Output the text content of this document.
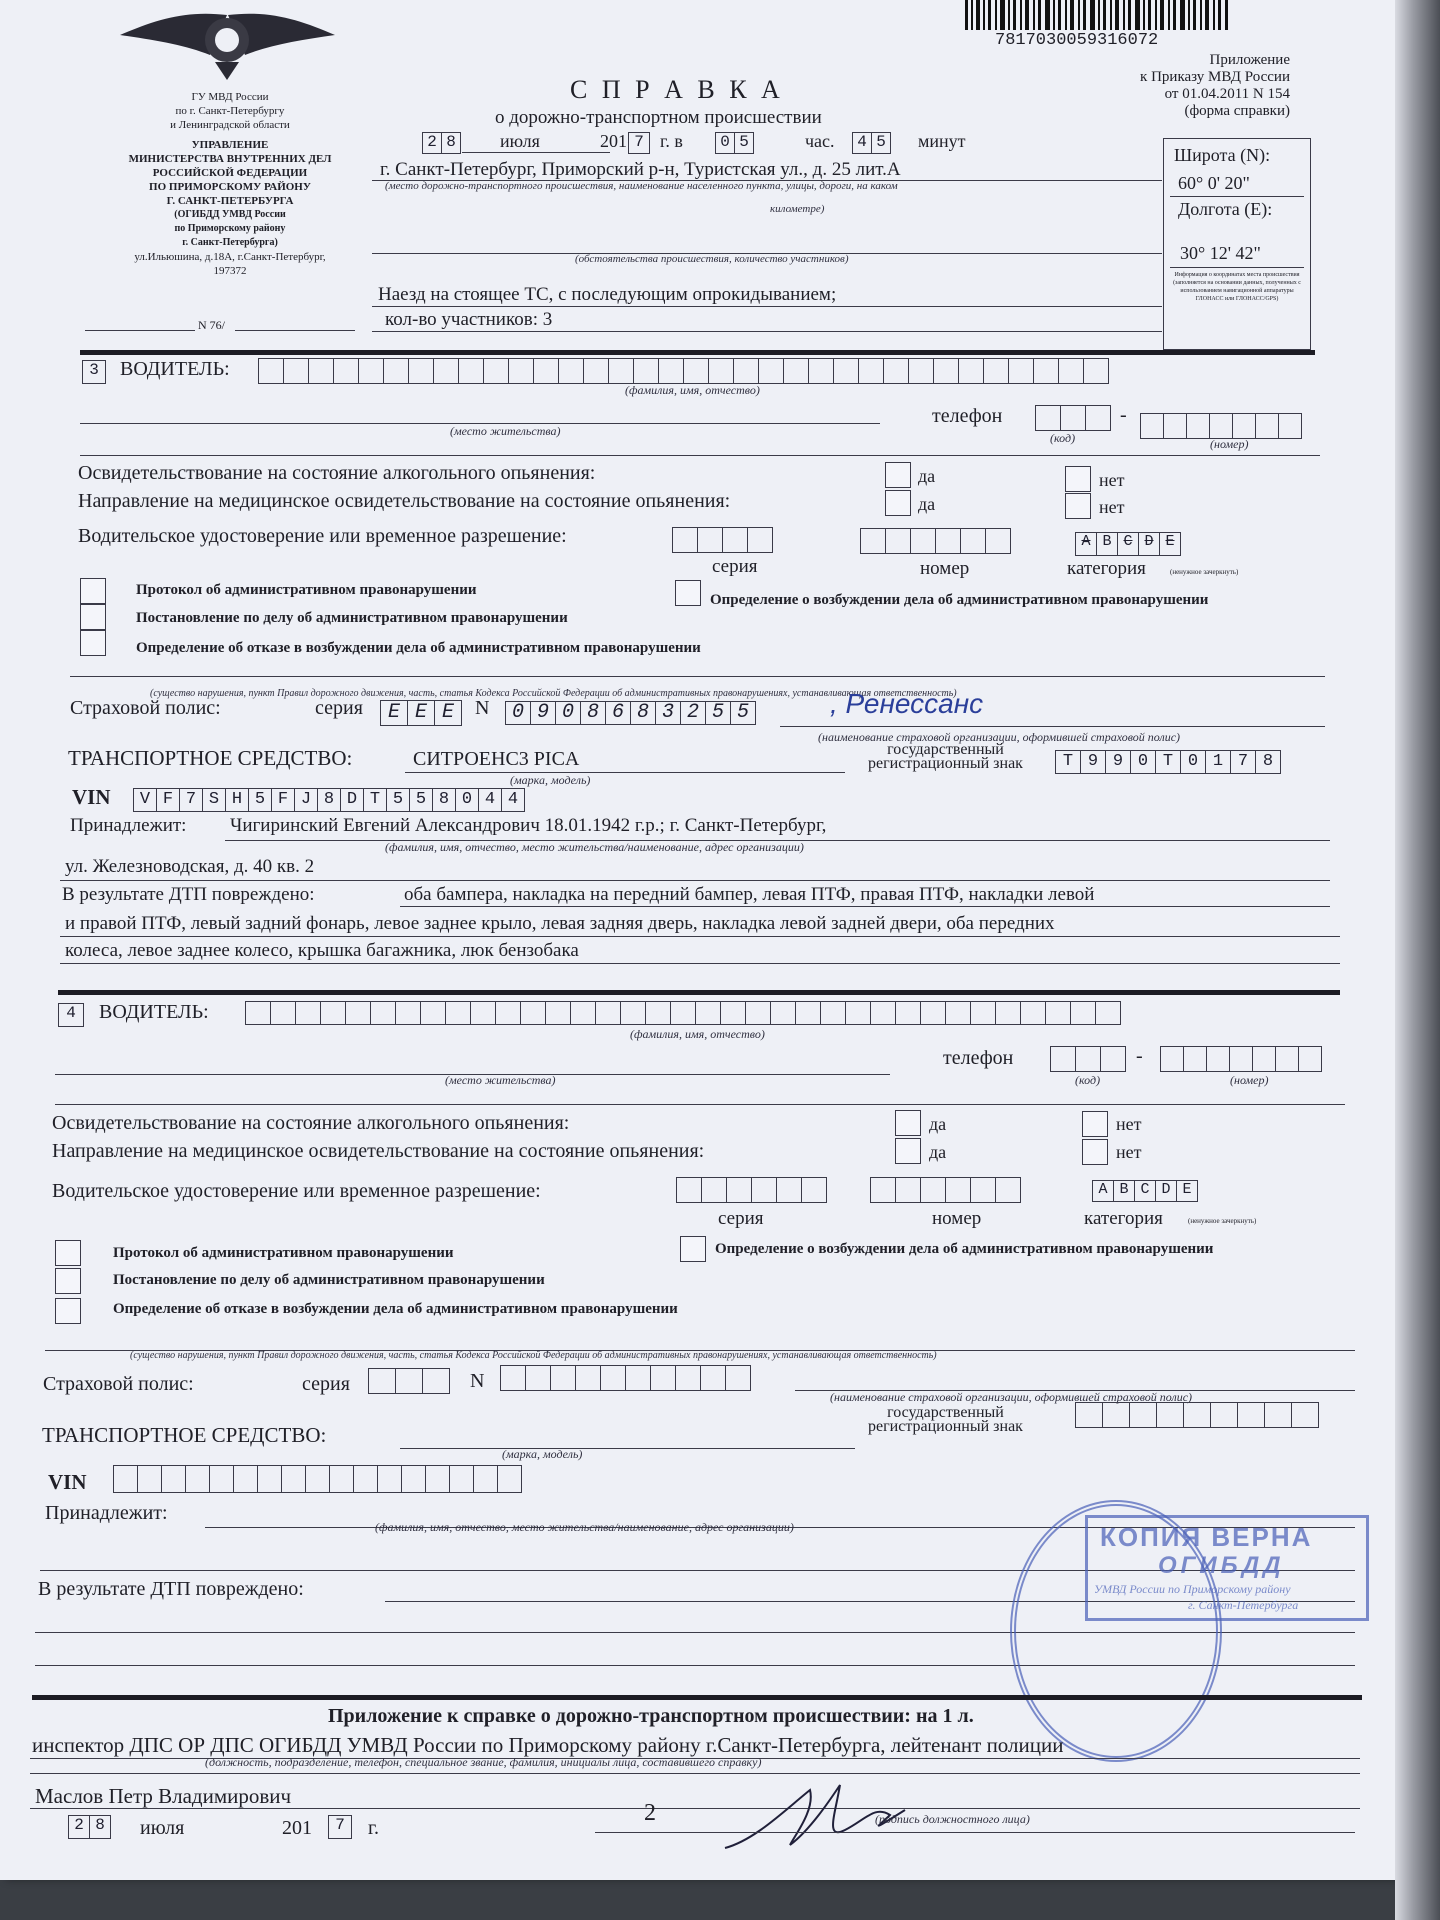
7817030059316072
Приложение
к Приказу МВД России
от 01.04.2011 N 154
(форма справки)
ГУ МВД России
по г. Санкт-Петербургу
и Ленинградской области
УПРАВЛЕНИЕ
МИНИСТЕРСТВА ВНУТРЕННИХ ДЕЛ
РОССИЙСКОЙ ФЕДЕРАЦИИ
ПО ПРИМОРСКОМУ РАЙОНУ
Г. САНКТ-ПЕТЕРБУРГА
(ОГИБДД УМВД России
по Приморскому району
г. Санкт-Петербурга)
ул.Ильюшина, д.18А, г.Санкт-Петербург,
197372
N 76/
С П Р А В К А
о дорожно-транспортном происшествии
2 8 июля	201 7 г. в 0 5	час. 4 5 минут
г. Санкт-Петербург, Приморский р-н, Туристская ул., д. 25 лит.А
(место дорожно-транспортного происшествия, наименование населенного пункта, улицы, дороги, на каком
километре)
(обстоятельства происшествия, количество участников)
Наезд на стоящее ТС, с последующим опрокидыванием;
кол-во участников: 3
Широта (N):
60° 0' 20"
Долгота (E):
30° 12' 42"
Информация о координатах места происшествия (заполняется на основании данных, полученных с использованием навигационной аппаратуры ГЛОНАСС или ГЛОНАСС/GPS)
3	ВОДИТЕЛЬ:
(фамилия, имя, отчество)
(место жительства)
телефон	-
(код)	(номер)
Освидетельствование на состояние алкогольного опьянения:	да	нет
Направление на медицинское освидетельствование на состояние опьянения:	да	нет
Водительское удостоверение или временное разрешение:	A B C D E
серия	номер	категория	(ненужное зачеркнуть)
Протокол об административном правонарушении
Постановление по делу об административном правонарушении
Определение об отказе в возбуждении дела об административном правонарушении
Определение о возбуждении дела об административном правонарушении
(существо нарушения, пункт Правил дорожного движения, часть, статья Кодекса Российской Федерации об административных правонарушениях, устанавливающая ответственность)
Страховой полис:	серия	Е Е Е	N 0 9 0 8 6 8 3 2 5 5	, Ренессанс
(наименование страховой организации, оформившей страховой полис)
ТРАНСПОРТНОЕ СРЕДСТВО:	СИТРОЕНС3 PICA
(марка, модель)
государственный
регистрационный знак	Т 9 9 0 Т 0 1 7 8
VIN	V F 7 S H 5 F J 8 D T 5 5 8 0 4 4
Принадлежит: Чигиринский Евгений Александрович 18.01.1942 г.р.; г. Санкт-Петербург,
(фамилия, имя, отчество, место жительства/наименование, адрес организации)
ул. Железноводская, д. 40 кв. 2
В результате ДТП повреждено:	оба бампера, накладка на передний бампер, левая ПТФ, правая ПТФ, накладки левой
и правой ПТФ, левый задний фонарь, левое заднее крыло, левая задняя дверь, накладка левой задней двери, оба передних
колеса, левое заднее колесо, крышка багажника, люк бензобака
4	ВОДИТЕЛЬ:
(фамилия, имя, отчество)
(место жительства)
телефон	-
(код)	(номер)
Освидетельствование на состояние алкогольного опьянения:	да	нет
Направление на медицинское освидетельствование на состояние опьянения:	да	нет
Водительское удостоверение или временное разрешение:	A B C D E
серия	номер	категория	(ненужное зачеркнуть)
Протокол об административном правонарушении
Постановление по делу об административном правонарушении
Определение об отказе в возбуждении дела об административном правонарушении
Определение о возбуждении дела об административном правонарушении
(существо нарушения, пункт Правил дорожного движения, часть, статья Кодекса Российской Федерации об административных правонарушениях, устанавливающая ответственность)
Страховой полис:	серия	N
(наименование страховой организации, оформившей страховой полис)
ТРАНСПОРТНОЕ СРЕДСТВО:
(марка, модель)
государственный
регистрационный знак
VIN
Принадлежит:
(фамилия, имя, отчество, место жительства/наименование, адрес организации)
В результате ДТП повреждено:
КОПИЯ ВЕРНА
ОГИБДД
УМВД России по Приморскому району
г. Санкт-Петербурга
Приложение к справке о дорожно-транспортном происшествии: на 1 л.
инспектор ДПС ОР ДПС ОГИБДД УМВД России по Приморскому району г.Санкт-Петербурга, лейтенант полиции
(должность, подразделение, телефон, специальное звание, фамилия, инициалы лица, составившего справку)
Маслов Петр Владимирович
2 8 июля	201	7	г.
2	(подпись должностного лица)
